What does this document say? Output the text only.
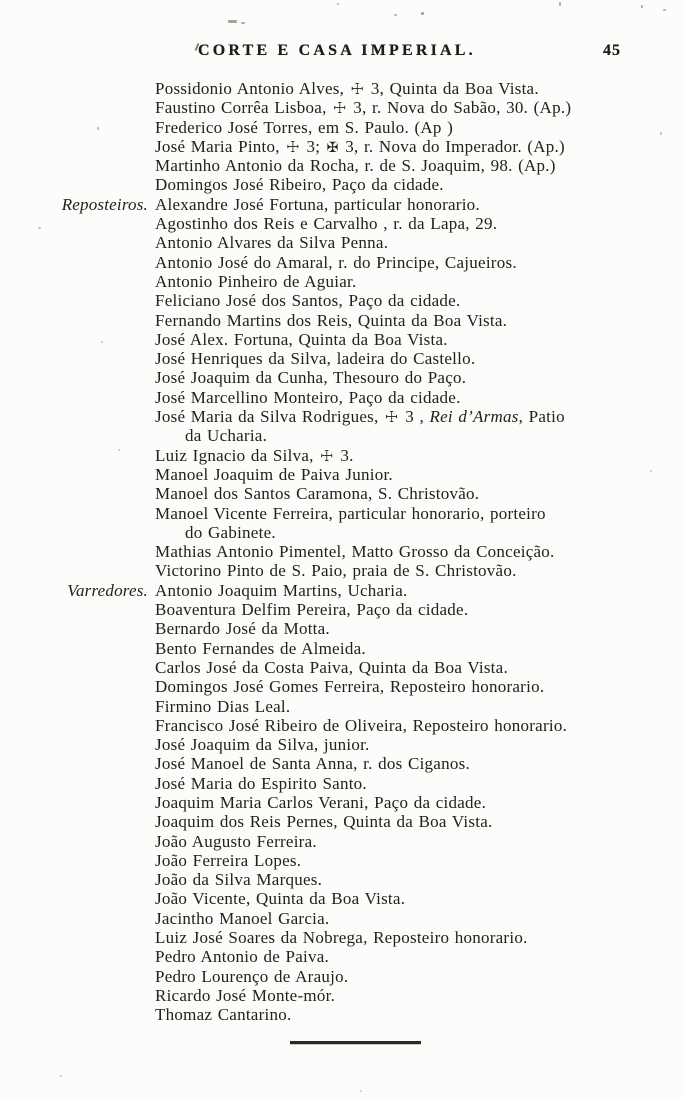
CORTE E CASA IMPERIAL.	45
Possidonio Antonio Alves, ☩ 3, Quinta da Boa Vista.
Faustino Corrêa Lisboa, ☩ 3, r. Nova do Sabão, 30. (Ap.)
Frederico José Torres, em S. Paulo. (Ap )
José Maria Pinto, ☩ 3; ✠ 3, r. Nova do Imperador. (Ap.)
Martinho Antonio da Rocha, r. de S. Joaquim, 98. (Ap.)
Domingos José Ribeiro, Paço da cidade.
Reposteiros. Alexandre José Fortuna, particular honorario.
Agostinho dos Reis e Carvalho , r. da Lapa, 29.
Antonio Alvares da Silva Penna.
Antonio José do Amaral, r. do Principe, Cajueiros.
Antonio Pinheiro de Aguiar.
Feliciano José dos Santos, Paço da cidade.
Fernando Martins dos Reis, Quinta da Boa Vista.
José Alex. Fortuna, Quinta da Boa Vista.
José Henriques da Silva, ladeira do Castello.
José Joaquim da Cunha, Thesouro do Paço.
José Marcellino Monteiro, Paço da cidade.
José Maria da Silva Rodrigues, ☩ 3 , Rei d’Armas, Patio
da Ucharia.
Luiz Ignacio da Silva, ☩ 3.
Manoel Joaquim de Paiva Junior.
Manoel dos Santos Caramona, S. Christovão.
Manoel Vicente Ferreira, particular honorario, porteiro
do Gabinete.
Mathias Antonio Pimentel, Matto Grosso da Conceição.
Victorino Pinto de S. Paio, praia de S. Christovão.
Varredores. Antonio Joaquim Martins, Ucharia.
Boaventura Delfim Pereira, Paço da cidade.
Bernardo José da Motta.
Bento Fernandes de Almeida.
Carlos José da Costa Paiva, Quinta da Boa Vista.
Domingos José Gomes Ferreira, Reposteiro honorario.
Firmino Dias Leal.
Francisco José Ribeiro de Oliveira, Reposteiro honorario.
José Joaquim da Silva, junior.
José Manoel de Santa Anna, r. dos Ciganos.
José Maria do Espirito Santo.
Joaquim Maria Carlos Verani, Paço da cidade.
Joaquim dos Reis Pernes, Quinta da Boa Vista.
João Augusto Ferreira.
João Ferreira Lopes.
João da Silva Marques.
João Vicente, Quinta da Boa Vista.
Jacintho Manoel Garcia.
Luiz José Soares da Nobrega, Reposteiro honorario.
Pedro Antonio de Paiva.
Pedro Lourenço de Araujo.
Ricardo José Monte-mór.
Thomaz Cantarino.
